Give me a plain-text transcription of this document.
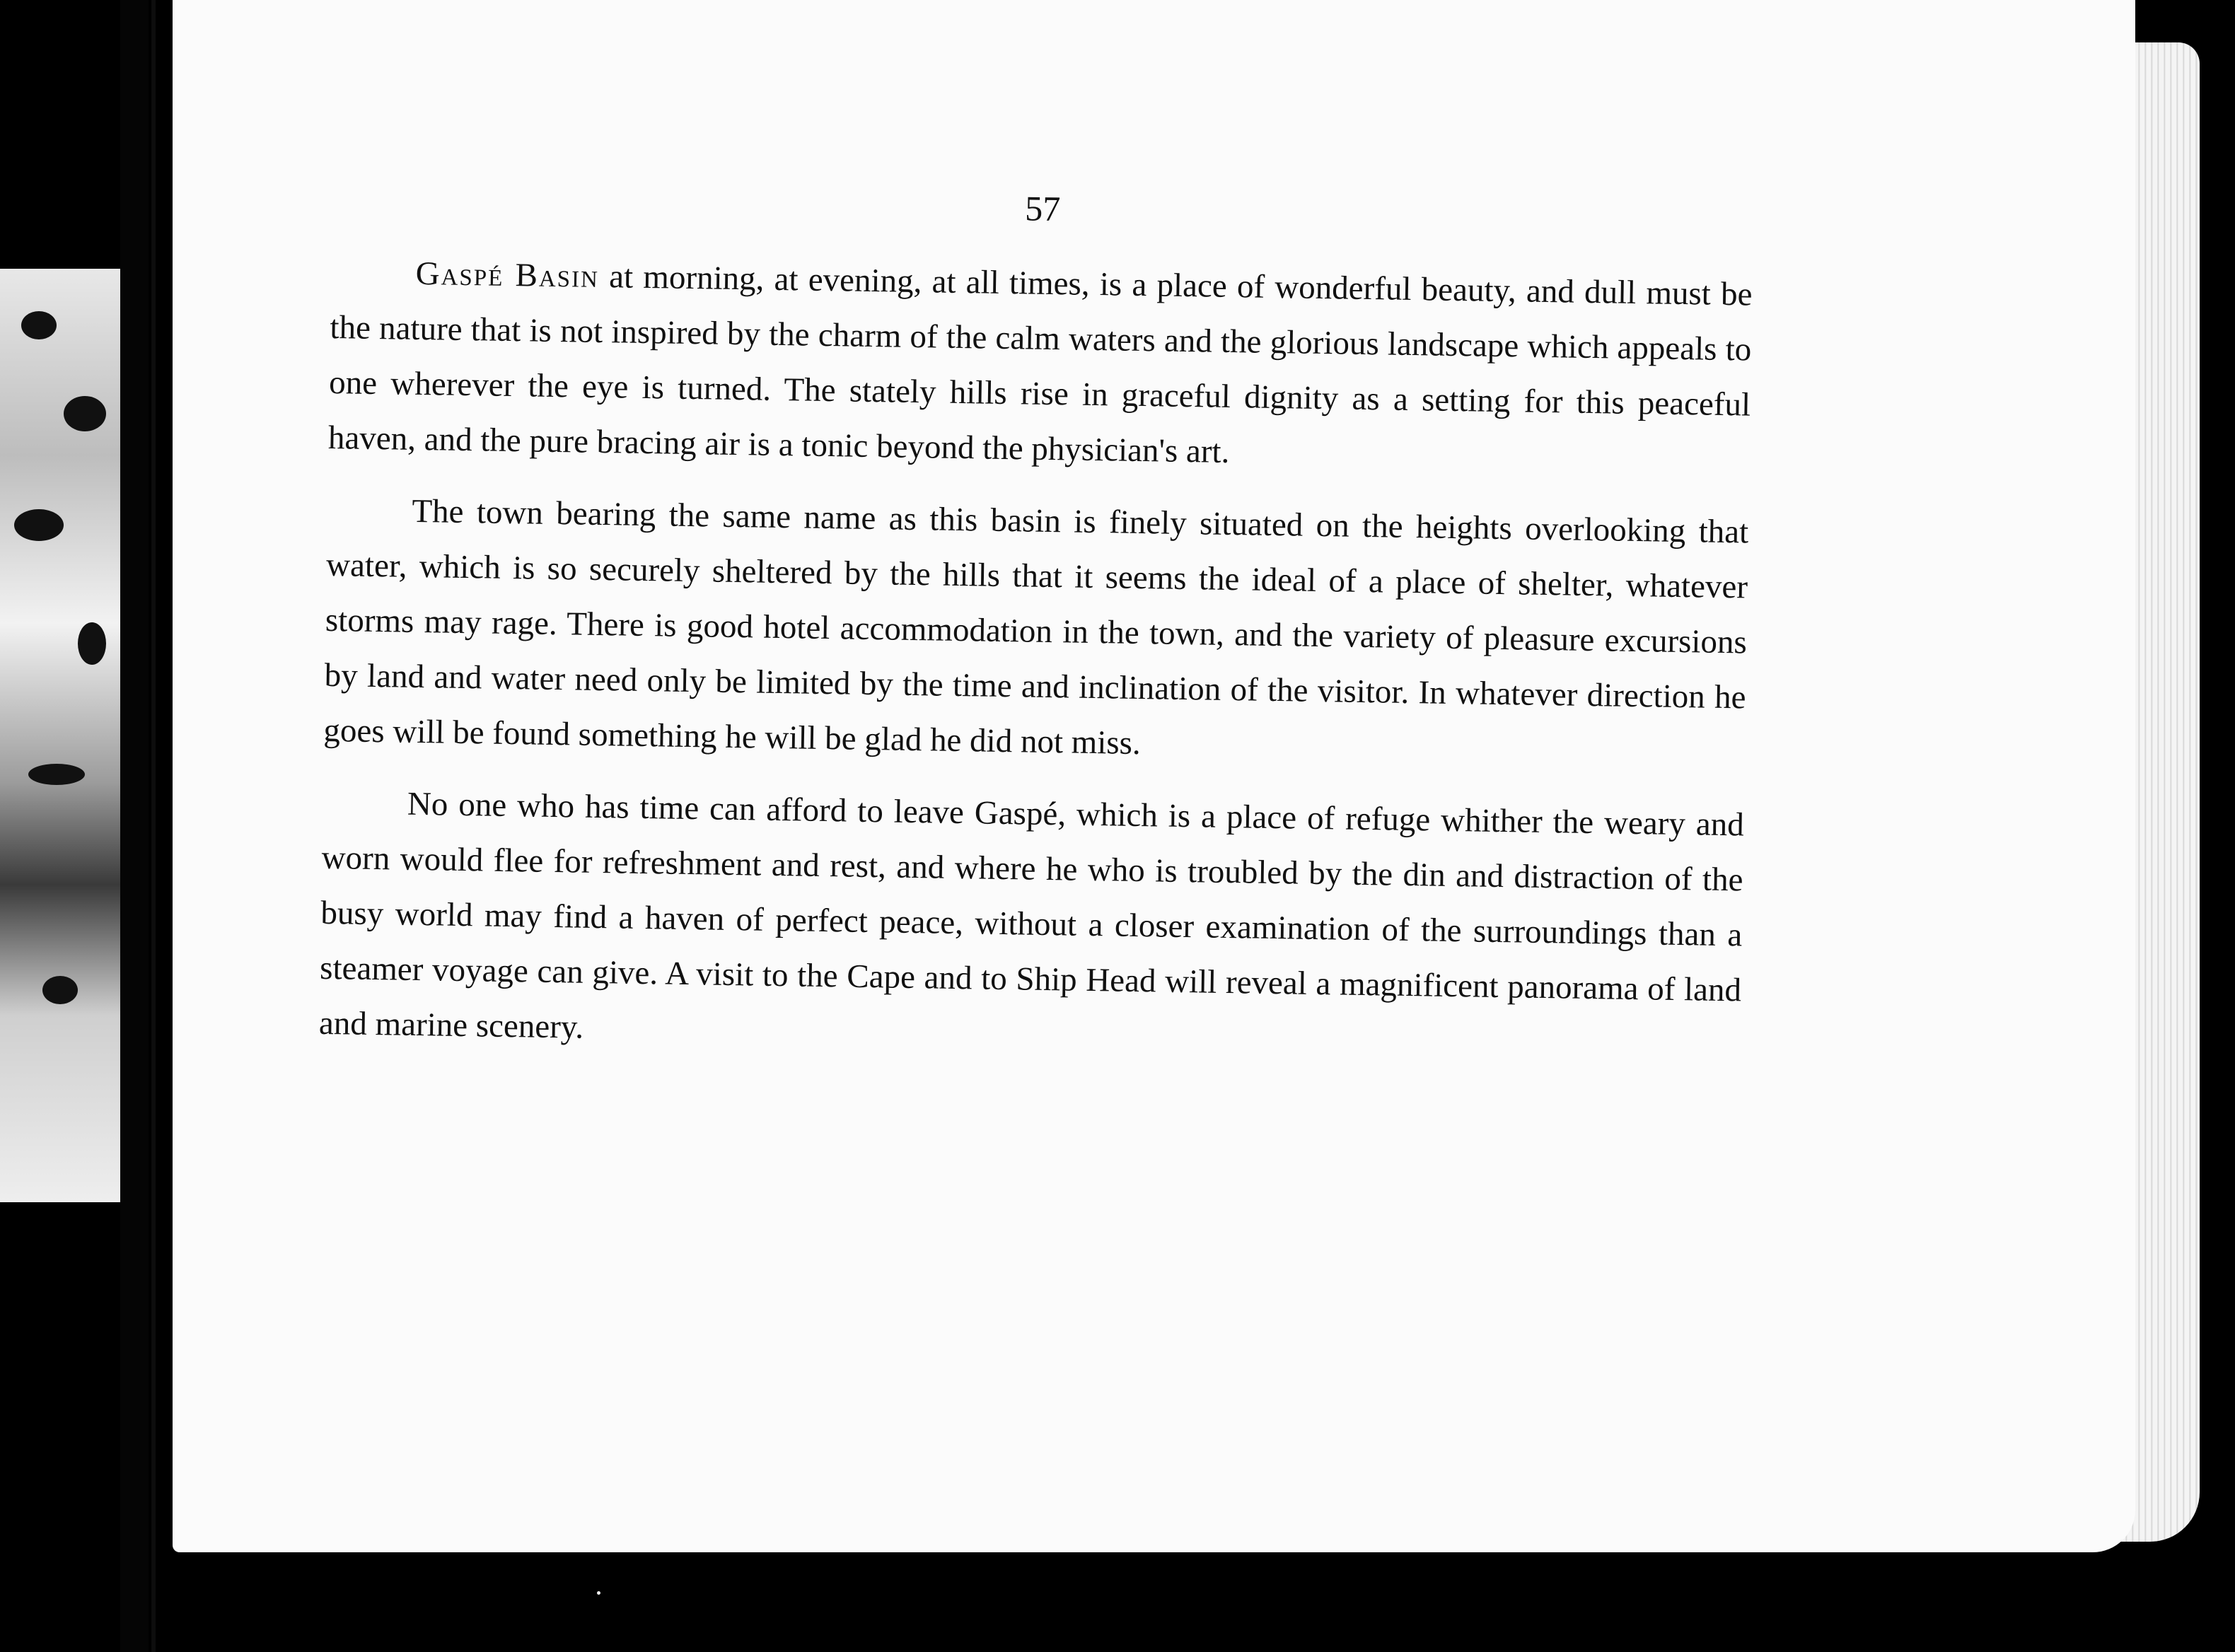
57

Gaspé Basin at morning, at evening, at all times, is a place of wonderful beauty, and dull must be the nature that is not inspired by the charm of the calm waters and the glorious landscape which appeals to one wherever the eye is turned. The stately hills rise in graceful dignity as a setting for this peaceful haven, and the pure bracing air is a tonic beyond the physician's art.

The town bearing the same name as this basin is finely situated on the heights overlooking that water, which is so securely sheltered by the hills that it seems the ideal of a place of shelter, whatever storms may rage. There is good hotel accommodation in the town, and the variety of pleasure excursions by land and water need only be limited by the time and inclination of the visitor. In whatever direction he goes will be found something he will be glad he did not miss.

No one who has time can afford to leave Gaspé, which is a place of refuge whither the weary and worn would flee for refreshment and rest, and where he who is troubled by the din and distraction of the busy world may find a haven of perfect peace, without a closer examination of the surroundings than a steamer voyage can give. A visit to the Cape and to Ship Head will reveal a magnificent panorama of land and marine scenery.
